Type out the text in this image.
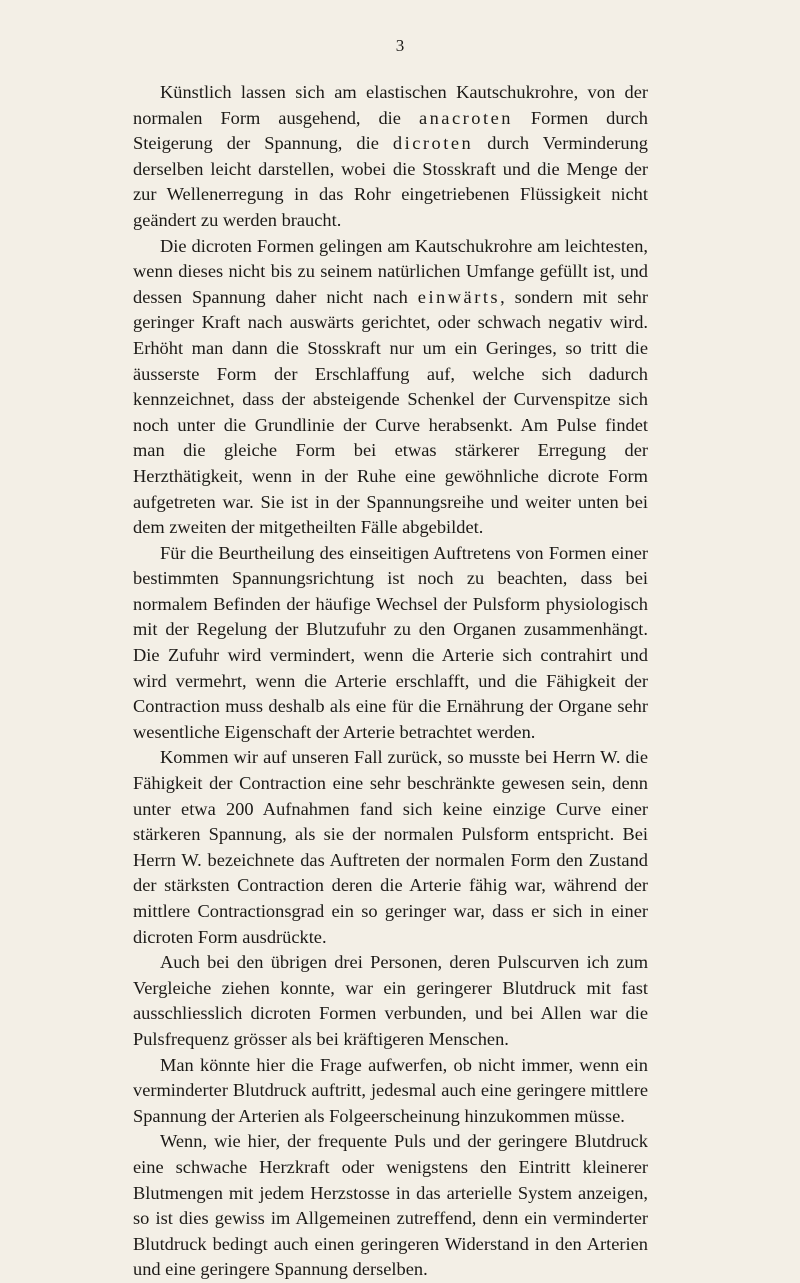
3

Künstlich lassen sich am elastischen Kautschukrohre, von der normalen Form ausgehend, die anacroten Formen durch Steigerung der Spannung, die dicroten durch Verminderung derselben leicht darstellen, wobei die Stosskraft und die Menge der zur Wellenerregung in das Rohr eingetriebenen Flüssigkeit nicht geändert zu werden braucht.

Die dicroten Formen gelingen am Kautschukrohre am leichtesten, wenn dieses nicht bis zu seinem natürlichen Umfange gefüllt ist, und dessen Spannung daher nicht nach einwärts, sondern mit sehr geringer Kraft nach auswärts gerichtet, oder schwach negativ wird. Erhöht man dann die Stosskraft nur um ein Geringes, so tritt die äusserste Form der Erschlaffung auf, welche sich dadurch kennzeichnet, dass der absteigende Schenkel der Curvenspitze sich noch unter die Grundlinie der Curve herabsenkt. Am Pulse findet man die gleiche Form bei etwas stärkerer Erregung der Herzthätigkeit, wenn in der Ruhe eine gewöhnliche dicrote Form aufgetreten war. Sie ist in der Spannungsreihe und weiter unten bei dem zweiten der mitgetheilten Fälle abgebildet.

Für die Beurtheilung des einseitigen Auftretens von Formen einer bestimmten Spannungsrichtung ist noch zu beachten, dass bei normalem Befinden der häufige Wechsel der Pulsform physiologisch mit der Regelung der Blutzufuhr zu den Organen zusammenhängt. Die Zufuhr wird vermindert, wenn die Arterie sich contrahirt und wird vermehrt, wenn die Arterie erschlafft, und die Fähigkeit der Contraction muss deshalb als eine für die Ernährung der Organe sehr wesentliche Eigenschaft der Arterie betrachtet werden.

Kommen wir auf unseren Fall zurück, so musste bei Herrn W. die Fähigkeit der Contraction eine sehr beschränkte gewesen sein, denn unter etwa 200 Aufnahmen fand sich keine einzige Curve einer stärkeren Spannung, als sie der normalen Pulsform entspricht. Bei Herrn W. bezeichnete das Auftreten der normalen Form den Zustand der stärksten Contraction deren die Arterie fähig war, während der mittlere Contractionsgrad ein so geringer war, dass er sich in einer dicroten Form ausdrückte.

Auch bei den übrigen drei Personen, deren Pulscurven ich zum Vergleiche ziehen konnte, war ein geringerer Blutdruck mit fast ausschliesslich dicroten Formen verbunden, und bei Allen war die Pulsfrequenz grösser als bei kräftigeren Menschen.

Man könnte hier die Frage aufwerfen, ob nicht immer, wenn ein verminderter Blutdruck auftritt, jedesmal auch eine geringere mittlere Spannung der Arterien als Folgeerscheinung hinzukommen müsse.

Wenn, wie hier, der frequente Puls und der geringere Blutdruck eine schwache Herzkraft oder wenigstens den Eintritt kleinerer Blutmengen mit jedem Herzstosse in das arterielle System anzeigen, so ist dies gewiss im Allgemeinen zutreffend, denn ein verminderter Blutdruck bedingt auch einen geringeren Widerstand in den Arterien und eine geringere Spannung derselben.
